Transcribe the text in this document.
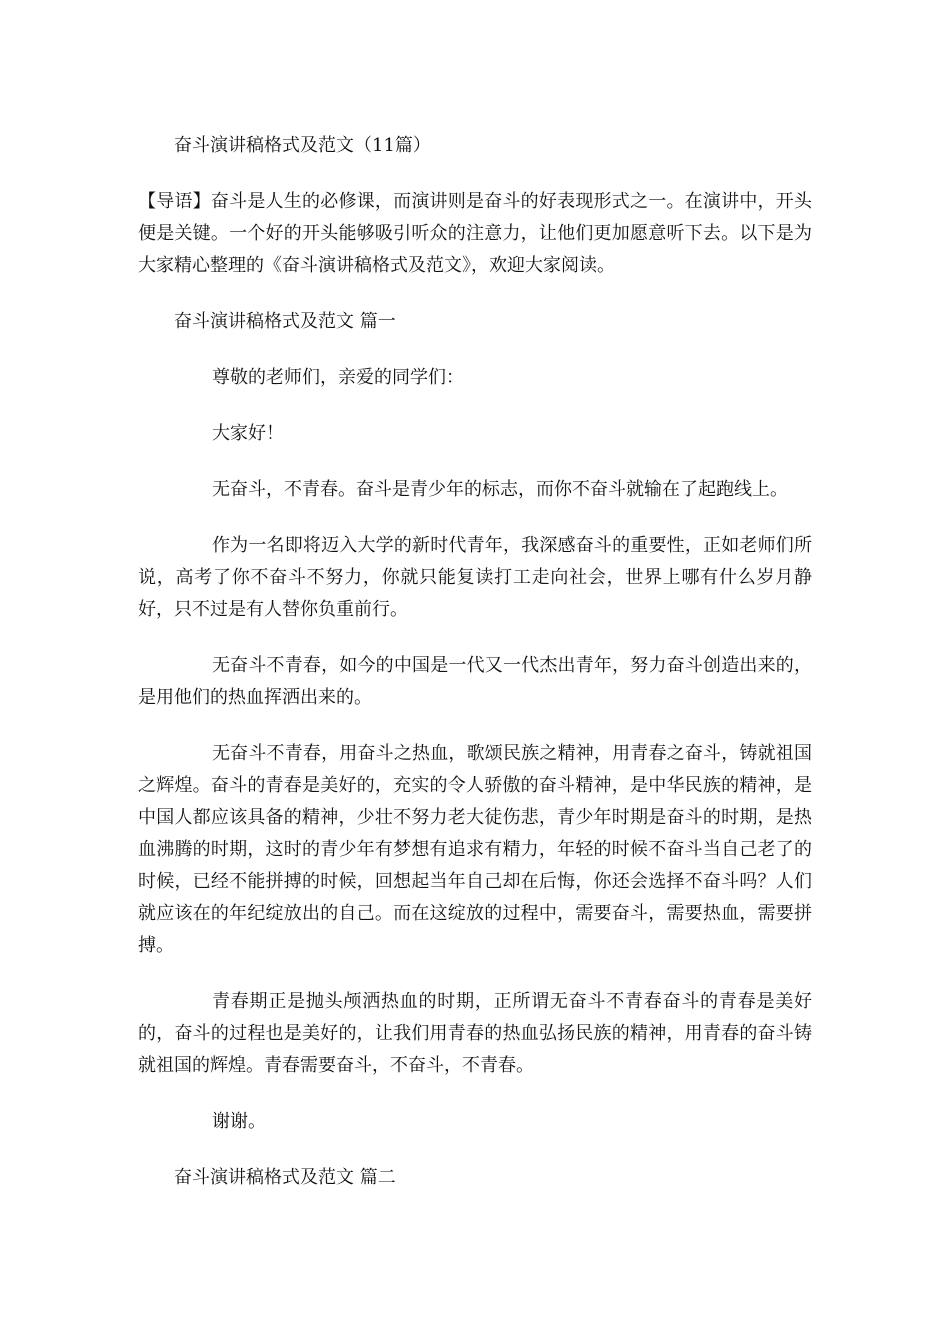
奋斗演讲稿格式及范文（11篇）

【导语】奋斗是人生的必修课，而演讲则是奋斗的好表现形式之一。在演讲中，开头便是关键。一个好的开头能够吸引听众的注意力，让他们更加愿意听下去。以下是为大家精心整理的《奋斗演讲稿格式及范文》，欢迎大家阅读。

奋斗演讲稿格式及范文 篇一

尊敬的老师们，亲爱的同学们：

大家好！

无奋斗，不青春。奋斗是青少年的标志，而你不奋斗就输在了起跑线上。

作为一名即将迈入大学的新时代青年，我深感奋斗的重要性，正如老师们所说，高考了你不奋斗不努力，你就只能复读打工走向社会，世界上哪有什么岁月静好，只不过是有人替你负重前行。

无奋斗不青春，如今的中国是一代又一代杰出青年，努力奋斗创造出来的，是用他们的热血挥洒出来的。

无奋斗不青春，用奋斗之热血，歌颂民族之精神，用青春之奋斗，铸就祖国之辉煌。奋斗的青春是美好的，充实的令人骄傲的奋斗精神，是中华民族的精神，是中国人都应该具备的精神，少壮不努力老大徒伤悲，青少年时期是奋斗的时期，是热血沸腾的时期，这时的青少年有梦想有追求有精力，年轻的时候不奋斗当自己老了的时候，已经不能拼搏的时候，回想起当年自己却在后悔，你还会选择不奋斗吗？人们就应该在的年纪绽放出的自己。而在这绽放的过程中，需要奋斗，需要热血，需要拼搏。

青春期正是抛头颅洒热血的时期，正所谓无奋斗不青春奋斗的青春是美好的，奋斗的过程也是美好的，让我们用青春的热血弘扬民族的精神，用青春的奋斗铸就祖国的辉煌。青春需要奋斗，不奋斗，不青春。

谢谢。

奋斗演讲稿格式及范文 篇二
